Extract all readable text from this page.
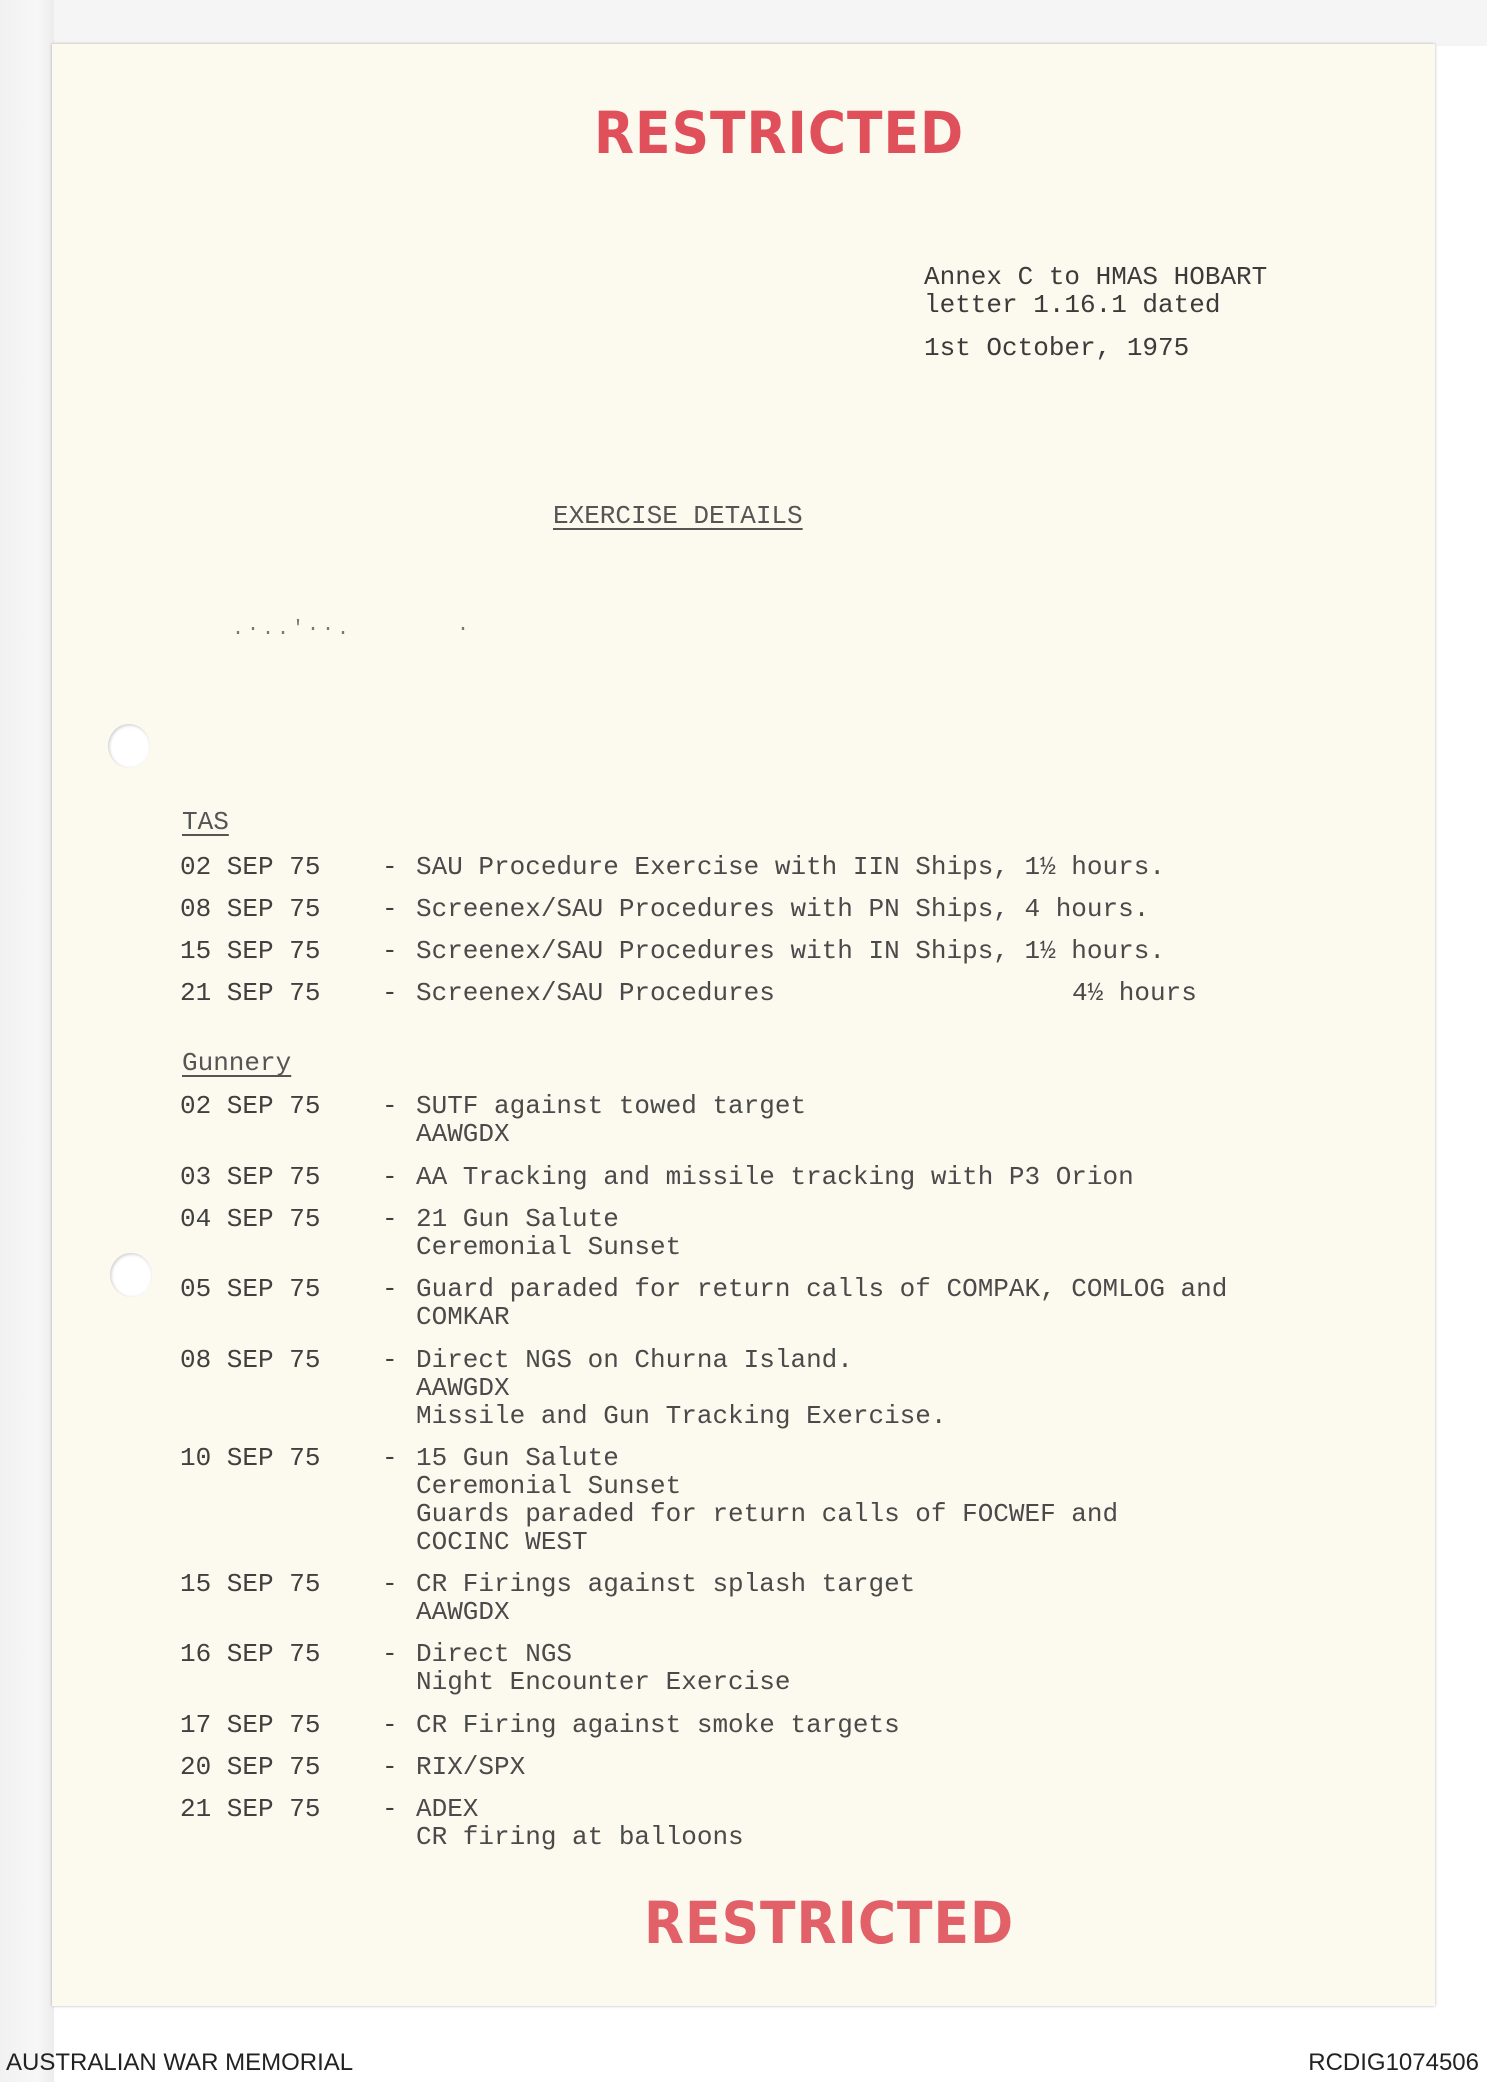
.·..'··.       ·
RESTRICTED
Annex C to HMAS HOBART
letter 1.16.1 dated
1st October, 1975
EXERCISE DETAILS
TAS
02 SEP 75 - SAU Procedure Exercise with IIN Ships, 1½ hours.
08 SEP 75 - Screenex/SAU Procedures with PN Ships, 4 hours.
15 SEP 75 - Screenex/SAU Procedures with IN Ships, 1½ hours.
21 SEP 75 - Screenex/SAU Procedures	4½ hours
Gunnery
02 SEP 75 - SUTF against towed target
AAWGDX
03 SEP 75 - AA Tracking and missile tracking with P3 Orion
04 SEP 75 - 21 Gun Salute
Ceremonial Sunset
05 SEP 75 - Guard paraded for return calls of COMPAK, COMLOG and
COMKAR
08 SEP 75 - Direct NGS on Churna Island.
AAWGDX
Missile and Gun Tracking Exercise.
10 SEP 75 - 15 Gun Salute
Ceremonial Sunset
Guards paraded for return calls of FOCWEF and
COCINC WEST
15 SEP 75 - CR Firings against splash target
AAWGDX
16 SEP 75 - Direct NGS
Night Encounter Exercise
17 SEP 75 - CR Firing against smoke targets
20 SEP 75 - RIX/SPX
21 SEP 75 - ADEX
CR firing at balloons
RESTRICTED
AUSTRALIAN WAR MEMORIAL	RCDIG1074506
